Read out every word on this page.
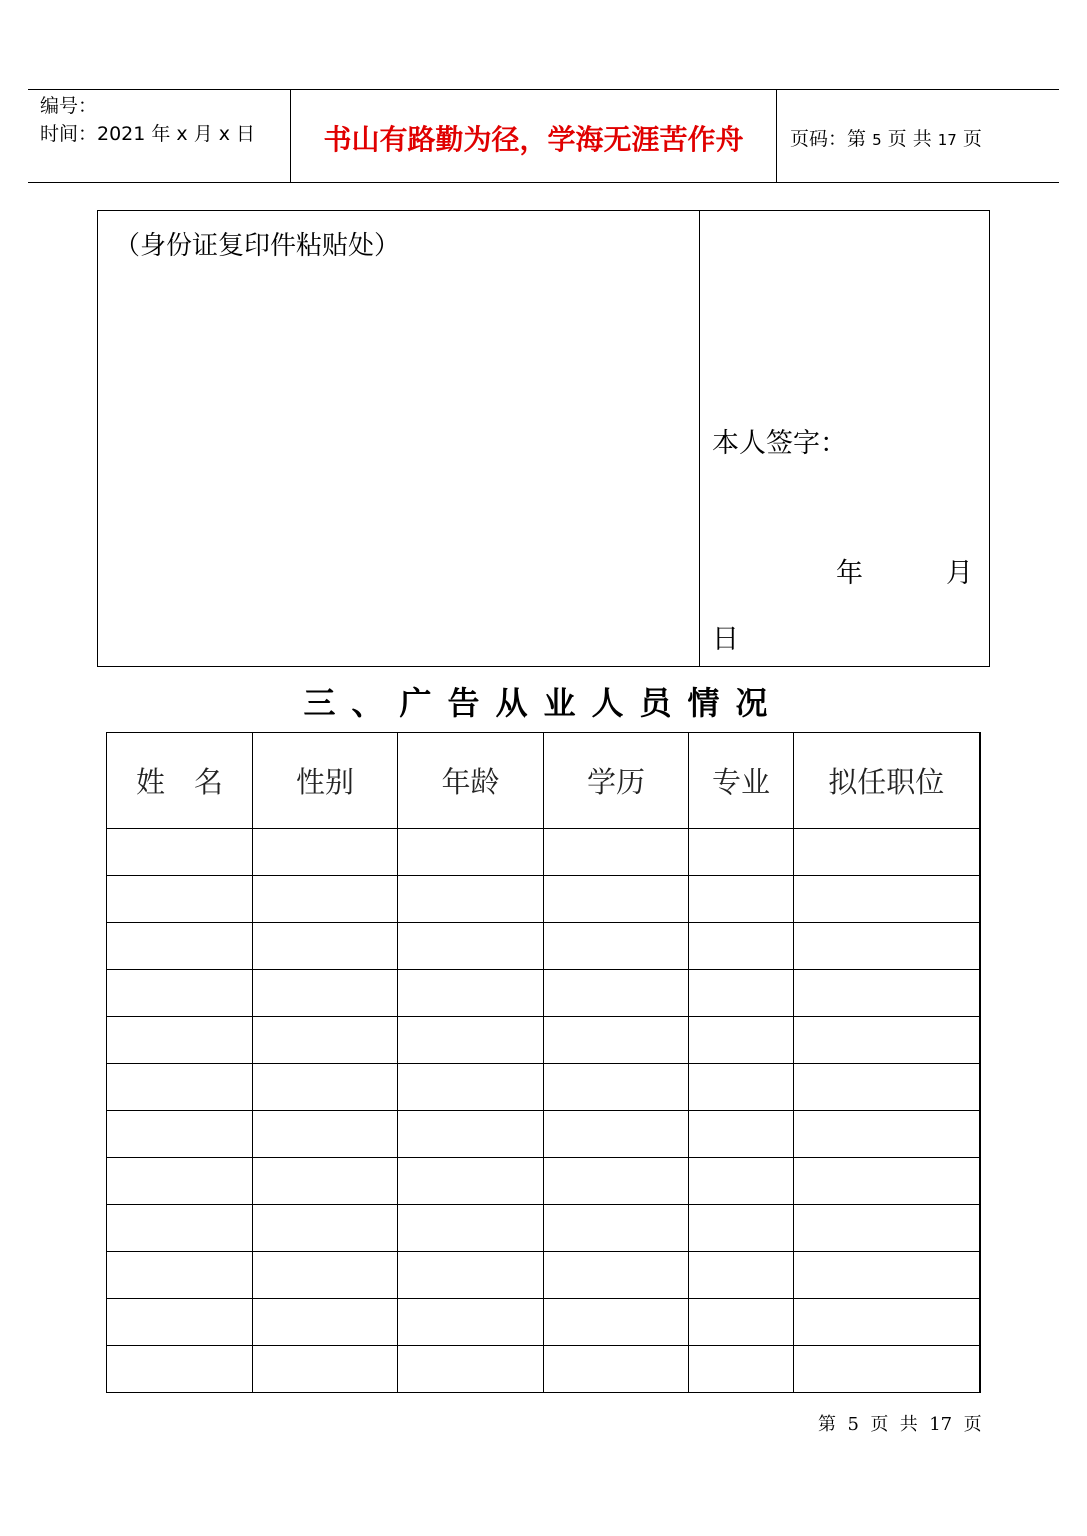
编号：
时间：2021 年 x 月 x 日	书山有路勤为径，学海无涯苦作舟	页码：第 5 页 共 17 页
（身份证复印件粘贴处）
本人签字：
年	月
日
三、广告从业人员情况
姓　名	性别	年龄	学历	专业	拟任职位

第  5  页  共  17  页
